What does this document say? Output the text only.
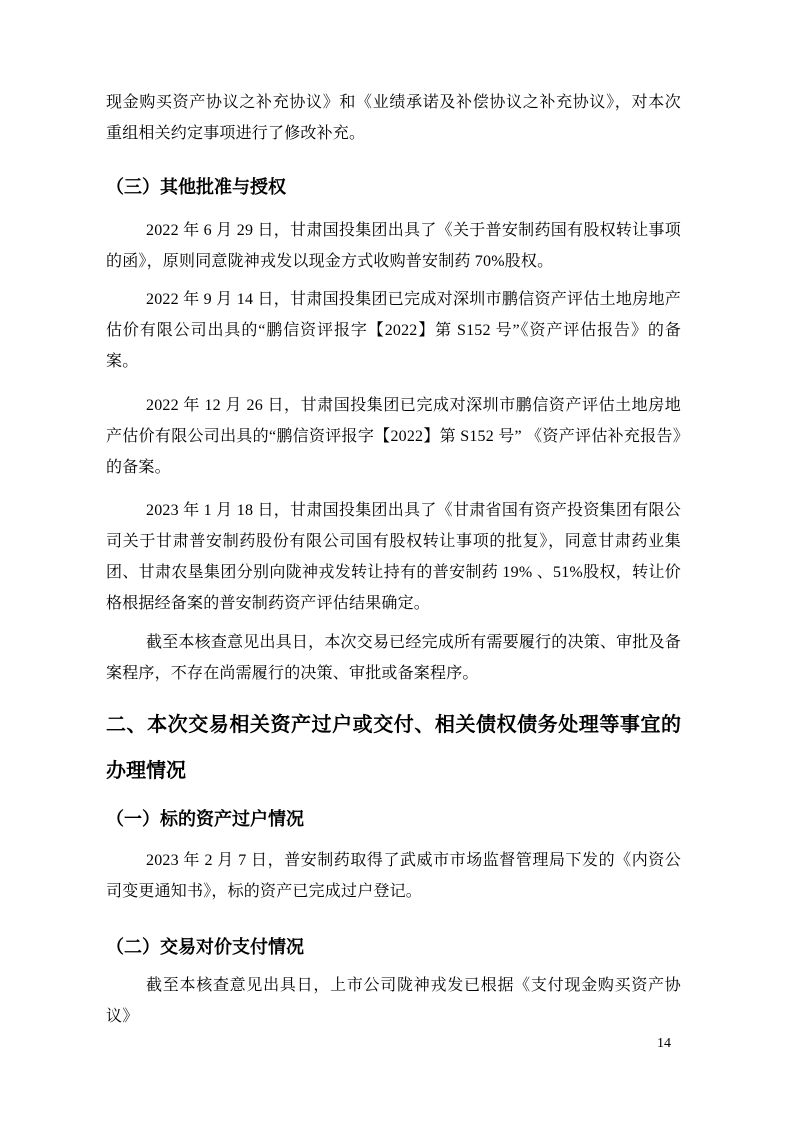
现金购买资产协议之补充协议》和《业绩承诺及补偿协议之补充协议》，对本次重组相关约定事项进行了修改补充。
（三）其他批准与授权
2022 年 6 月 29 日，甘肃国投集团出具了《关于普安制药国有股权转让事项的函》，原则同意陇神戎发以现金方式收购普安制药 70%股权。
2022 年 9 月 14 日，甘肃国投集团已完成对深圳市鹏信资产评估土地房地产估价有限公司出具的“鹏信资评报字【2022】第 S152 号”《资产评估报告》的备案。
2022 年 12 月 26 日，甘肃国投集团已完成对深圳市鹏信资产评估土地房地产估价有限公司出具的“鹏信资评报字【2022】第 S152 号” 《资产评估补充报告》的备案。
2023 年 1 月 18 日，甘肃国投集团出具了《甘肃省国有资产投资集团有限公司关于甘肃普安制药股份有限公司国有股权转让事项的批复》，同意甘肃药业集团、甘肃农垦集团分别向陇神戎发转让持有的普安制药 19% 、51%股权，转让价格根据经备案的普安制药资产评估结果确定。
截至本核查意见出具日，本次交易已经完成所有需要履行的决策、审批及备案程序，不存在尚需履行的决策、审批或备案程序。
二、本次交易相关资产过户或交付、相关债权债务处理等事宜的办理情况
（一）标的资产过户情况
2023 年 2 月 7 日，普安制药取得了武威市市场监督管理局下发的《内资公司变更通知书》，标的资产已完成过户登记。
（二）交易对价支付情况
截至本核查意见出具日，上市公司陇神戎发已根据《支付现金购买资产协议》
14
